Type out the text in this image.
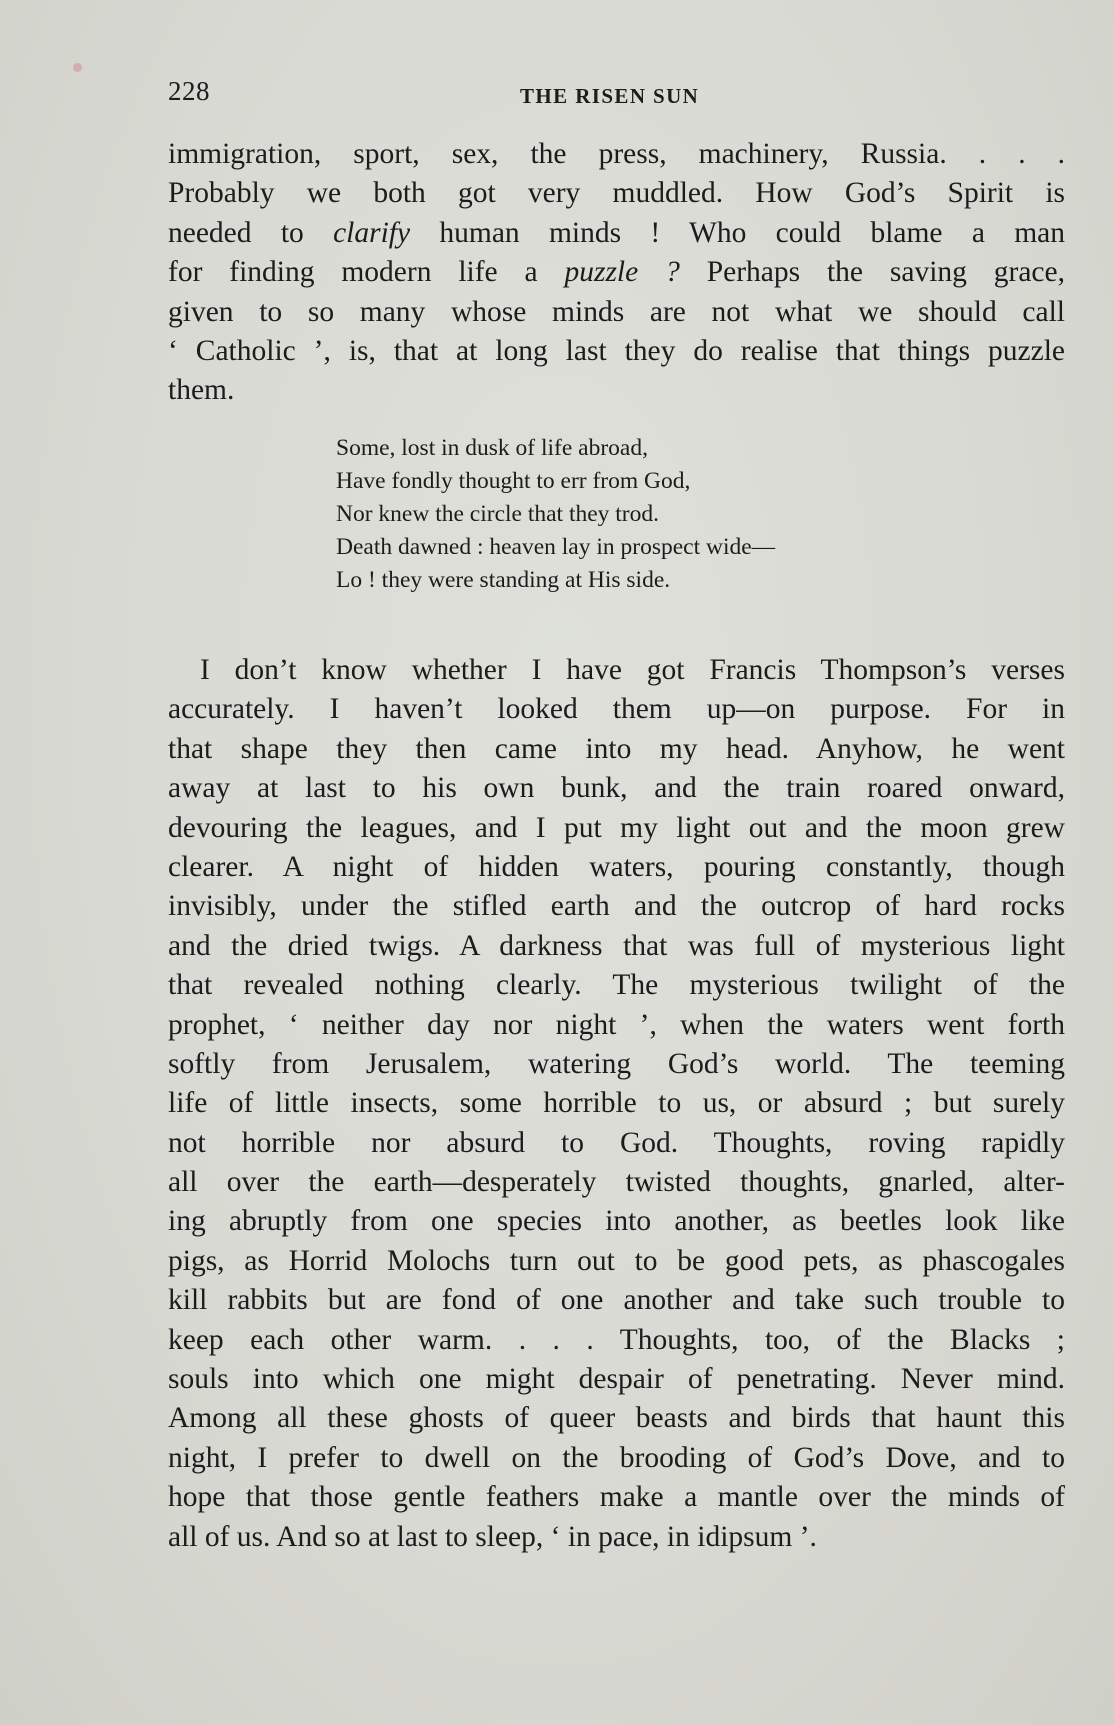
228	THE RISEN SUN

immigration, sport, sex, the press, machinery, Russia. . . .
Probably we both got very muddled. How God’s Spirit is
needed to clarify human minds ! Who could blame a man
for finding modern life a puzzle ? Perhaps the saving grace,
given to so many whose minds are not what we should call
‘ Catholic ’, is, that at long last they do realise that things puzzle
them.

Some, lost in dusk of life abroad,
Have fondly thought to err from God,
Nor knew the circle that they trod.
Death dawned : heaven lay in prospect wide—
Lo ! they were standing at His side.

I don’t know whether I have got Francis Thompson’s verses
accurately. I haven’t looked them up—on purpose. For in
that shape they then came into my head. Anyhow, he went
away at last to his own bunk, and the train roared onward,
devouring the leagues, and I put my light out and the moon grew
clearer. A night of hidden waters, pouring constantly, though
invisibly, under the stifled earth and the outcrop of hard rocks
and the dried twigs. A darkness that was full of mysterious light
that revealed nothing clearly. The mysterious twilight of the
prophet, ‘ neither day nor night ’, when the waters went forth
softly from Jerusalem, watering God’s world. The teeming
life of little insects, some horrible to us, or absurd ; but surely
not horrible nor absurd to God. Thoughts, roving rapidly
all over the earth—desperately twisted thoughts, gnarled, alter-
ing abruptly from one species into another, as beetles look like
pigs, as Horrid Molochs turn out to be good pets, as phascogales
kill rabbits but are fond of one another and take such trouble to
keep each other warm. . . . Thoughts, too, of the Blacks ;
souls into which one might despair of penetrating. Never mind.
Among all these ghosts of queer beasts and birds that haunt this
night, I prefer to dwell on the brooding of God’s Dove, and to
hope that those gentle feathers make a mantle over the minds of
all of us. And so at last to sleep, ‘ in pace, in idipsum ’.
